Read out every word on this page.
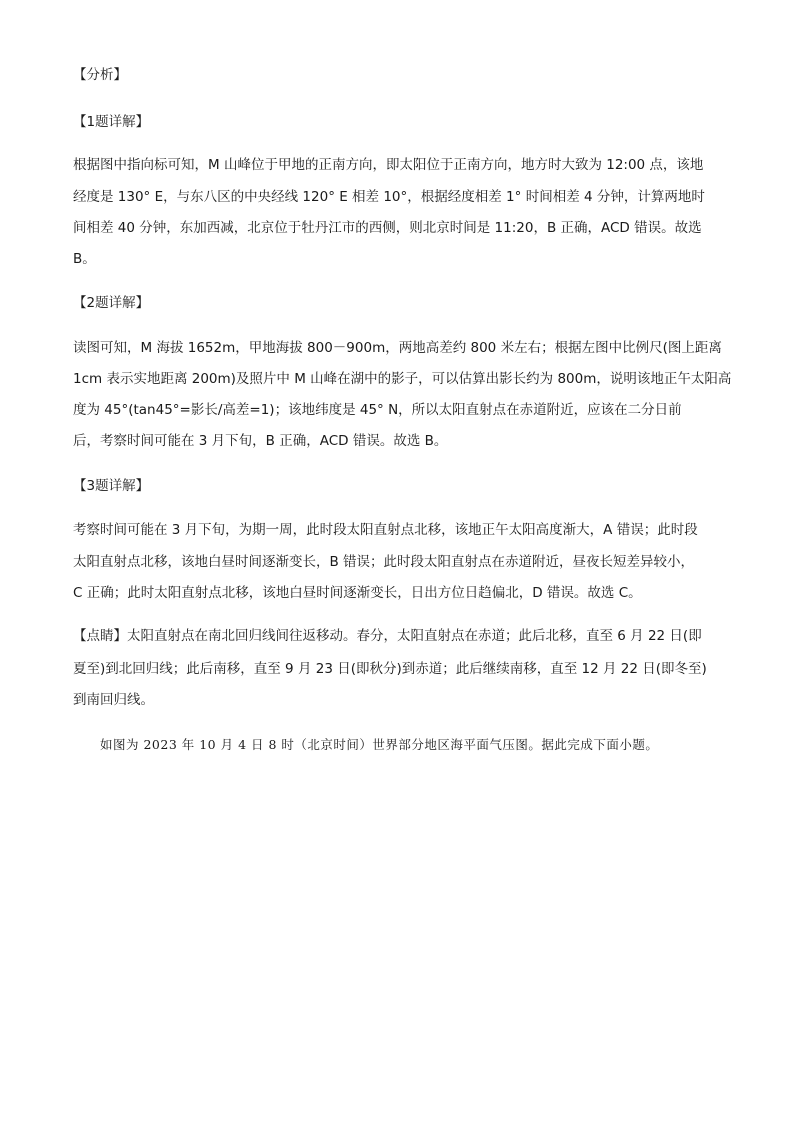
【分析】
【1题详解】
根据图中指向标可知，M 山峰位于甲地的正南方向，即太阳位于正南方向，地方时大致为 12:00 点，该地
经度是 130° E，与东八区的中央经线 120° E 相差 10°，根据经度相差 1° 时间相差 4 分钟，计算两地时
间相差 40 分钟，东加西减，北京位于牡丹江市的西侧，则北京时间是 11:20，B 正确，ACD 错误。故选
B。
【2题详解】
读图可知，M 海拔 1652m，甲地海拔 800－900m，两地高差约 800 米左右；根据左图中比例尺(图上距离
1cm 表示实地距离 200m)及照片中 M 山峰在湖中的影子，可以估算出影长约为 800m，说明该地正午太阳高
度为 45°(tan45°=影长/高差=1)；该地纬度是 45° N，所以太阳直射点在赤道附近，应该在二分日前
后，考察时间可能在 3 月下旬，B 正确，ACD 错误。故选 B。
【3题详解】
考察时间可能在 3 月下旬，为期一周，此时段太阳直射点北移，该地正午太阳高度渐大，A 错误；此时段
太阳直射点北移，该地白昼时间逐渐变长，B 错误；此时段太阳直射点在赤道附近，昼夜长短差异较小，
C 正确；此时太阳直射点北移，该地白昼时间逐渐变长，日出方位日趋偏北，D 错误。故选 C。
【点睛】太阳直射点在南北回归线间往返移动。春分，太阳直射点在赤道；此后北移，直至 6 月 22 日(即
夏至)到北回归线；此后南移，直至 9 月 23 日(即秋分)到赤道；此后继续南移，直至 12 月 22 日(即冬至)
到南回归线。
如图为 2023 年 10 月 4 日 8 时（北京时间）世界部分地区海平面气压图。据此完成下面小题。
